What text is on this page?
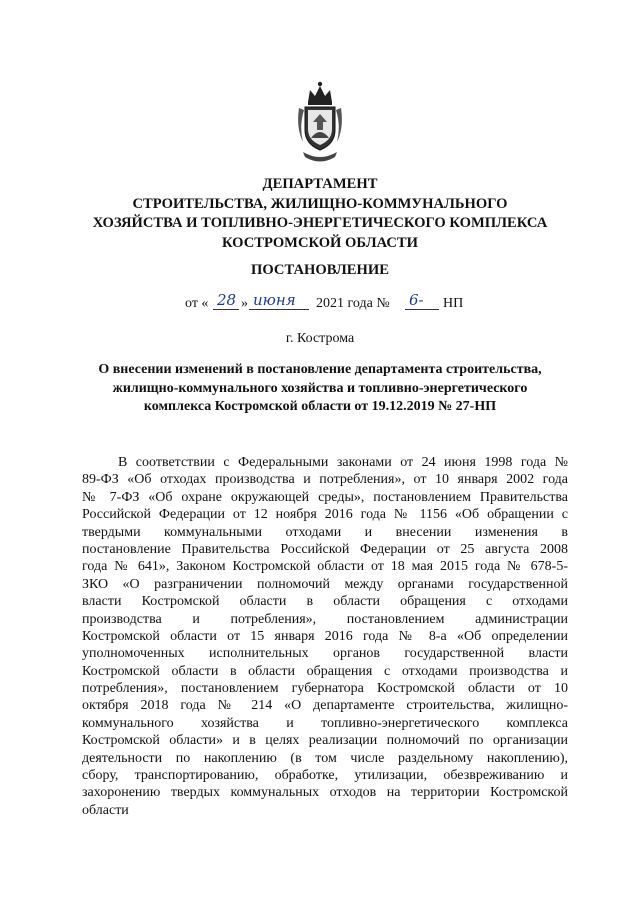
ДЕПАРТАМЕНТ
СТРОИТЕЛЬСТВА, ЖИЛИЩНО-КОММУНАЛЬНОГО
ХОЗЯЙСТВА И ТОПЛИВНО-ЭНЕРГЕТИЧЕСКОГО КОМПЛЕКСА
КОСТРОМСКОЙ ОБЛАСТИ
ПОСТАНОВЛЕНИЕ
от « 28 » июня 2021 года № 6- НП
г. Кострома
О внесении изменений в постановление департамента строительства,
жилищно-коммунального хозяйства и топливно-энергетического
комплекса Костромской области от 19.12.2019 № 27-НП
В соответствии с Федеральными законами от 24 июня 1998 года №
89-ФЗ «Об отходах производства и потребления», от 10 января 2002 года
№ 7-ФЗ «Об охране окружающей среды», постановлением Правительства
Российской Федерации от 12 ноября 2016 года № 1156 «Об обращении с
твердыми коммунальными отходами и внесении изменения в
постановление Правительства Российской Федерации от 25 августа 2008
года № 641», Законом Костромской области от 18 мая 2015 года № 678-5-
ЗКО «О разграничении полномочий между органами государственной
власти Костромской области в области обращения с отходами
производства и потребления», постановлением администрации
Костромской области от 15 января 2016 года № 8-а «Об определении
уполномоченных исполнительных органов государственной власти
Костромской области в области обращения с отходами производства и
потребления», постановлением губернатора Костромской области от 10
октября 2018 года № 214 «О департаменте строительства, жилищно-
коммунального хозяйства и топливно-энергетического комплекса
Костромской области» и в целях реализации полномочий по организации
деятельности по накоплению (в том числе раздельному накоплению),
сбору, транспортированию, обработке, утилизации, обезвреживанию и
захоронению твердых коммунальных отходов на территории Костромской
области
